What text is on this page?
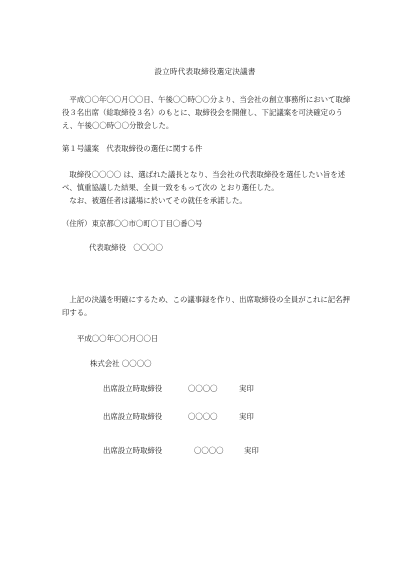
設立時代表取締役選定決議書
平成〇〇年〇〇月〇〇日、午後〇〇時〇〇分より、当会社の創立事務所において取締役３名出席（総取締役３名）のもとに、取締役会を開催し、下記議案を可決確定のうえ、午後〇〇時〇〇分散会した。
第１号議案　代表取締役の選任に関する件
取締役〇〇〇〇 は、選ばれた議長となり、当会社の代表取締役を選任したい旨を述べ、慎重協議した結果、全員一致をもって次の とおり選任した。
なお、被選任者は議場に於いてその就任を承諾した。
（住所）東京都〇〇市〇町〇丁目〇番〇号
代表取締役　〇〇〇〇
上記の決議を明確にするため、この議事録を作り、出席取締役の全員がこれに記名押印する。
平成〇〇年〇〇月〇〇日
株式会社 〇〇〇〇
出席設立時取締役	〇〇〇〇	実印
出席設立時取締役	〇〇〇〇	実印
出席設立時取締役	〇〇〇〇	実印
